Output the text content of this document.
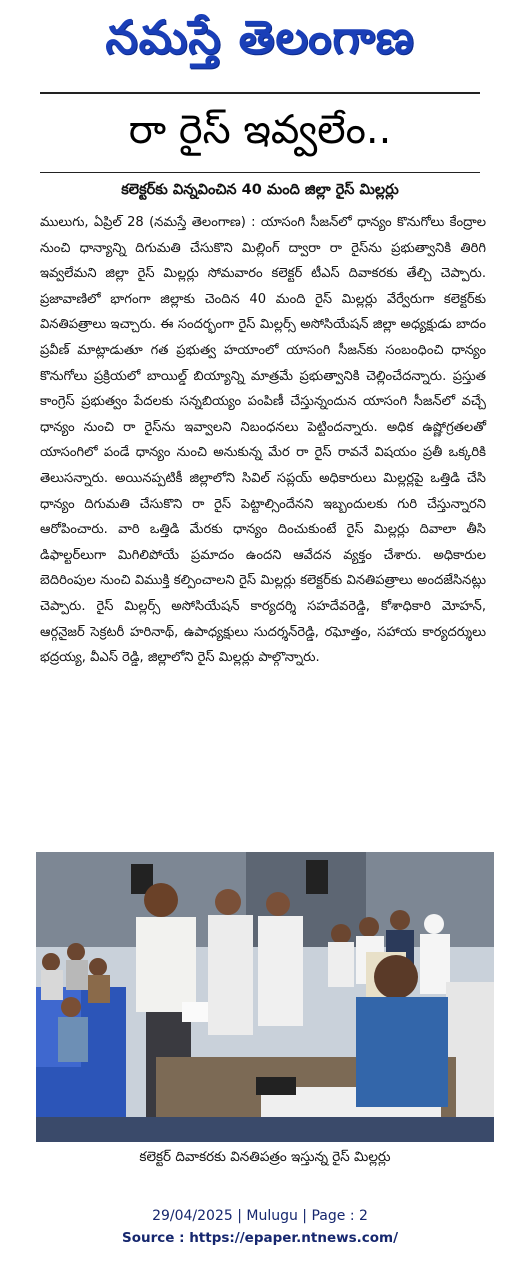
నమస్తే తెలంగాణ
రా రైస్ ఇవ్వలేం..
కలెక్టర్‌కు విన్నవించిన 40 మంది జిల్లా రైస్ మిల్లర్లు
ములుగు, ఏప్రిల్ 28 (నమస్తే తెలంగాణ) : యాసంగి సీజన్‌లో ధాన్యం కొనుగోలు కేంద్రాల నుంచి ధాన్యాన్ని దిగుమతి చేసుకొని మిల్లింగ్ ద్వారా రా రైస్‌ను ప్రభుత్వానికి తిరిగి ఇవ్వలేమని జిల్లా రైస్ మిల్లర్లు సోమవారం కలెక్టర్ టీఎస్ దివాకరకు తేల్చి చెప్పారు. ప్రజావాణిలో భాగంగా జిల్లాకు చెందిన 40 మంది రైస్ మిల్లర్లు వేర్వేరుగా కలెక్టర్‌కు వినతిపత్రాలు ఇచ్చారు. ఈ సందర్భంగా రైస్ మిల్లర్స్ అసోసియేషన్ జిల్లా అధ్యక్షుడు బాదం ప్రవీణ్ మాట్లాడుతూ గత ప్రభుత్వ హయాంలో యాసంగి సీజన్‌కు సంబంధించి ధాన్యం కొనుగోలు ప్రక్రియలో బాయిల్డ్ బియ్యాన్ని మాత్రమే ప్రభుత్వానికి చెల్లించేదన్నారు. ప్రస్తుత కాంగ్రెస్ ప్రభుత్వం పేదలకు సన్నబియ్యం పంపిణీ చేస్తున్నందున యాసంగి సీజన్‌లో వచ్చే ధాన్యం నుంచి రా రైస్‌ను ఇవ్వాలని నిబంధనలు పెట్టిందన్నారు. అధిక ఉష్ణోగ్రతలతో యాసంగిలో పండే ధాన్యం నుంచి అనుకున్న మేర రా రైస్ రావనే విషయం ప్రతీ ఒక్కరికి తెలుసన్నారు. అయినప్పటికీ జిల్లాలోని సివిల్ సప్లయ్ అధికారులు మిల్లర్లపై ఒత్తిడి చేసి ధాన్యం దిగుమతి చేసుకొని రా రైస్ పెట్టాల్సిందేనని ఇబ్బందులకు గురి చేస్తున్నారని ఆరోపించారు. వారి ఒత్తిడి మేరకు ధాన్యం దించుకుంటే రైస్ మిల్లర్లు దివాలా తీసి డిఫాల్టర్‌లుగా మిగిలిపోయే ప్రమాదం ఉందని ఆవేదన వ్యక్తం చేశారు. అధికారుల బెదిరింపుల నుంచి విముక్తి కల్పించాలని రైస్ మిల్లర్లు కలెక్టర్‌కు వినతిపత్రాలు అందజేసినట్లు చెప్పారు. రైస్ మిల్లర్స్ అసోసియేషన్ కార్యదర్శి సహదేవరెడ్డి, కోశాధికారి మోహన్, ఆర్గనైజర్ సెక్రటరీ హరినాథ్, ఉపాధ్యక్షులు సుదర్శన్‌రెడ్డి, రఘోత్తం, సహాయ కార్యదర్శులు భద్రయ్య, వీఎస్ రెడ్డి, జిల్లాలోని రైస్ మిల్లర్లు పాల్గొన్నారు.
కలెక్టర్ దివాకరకు వినతిపత్రం ఇస్తున్న రైస్ మిల్లర్లు
29/04/2025 | Mulugu | Page : 2
Source : https://epaper.ntnews.com/
